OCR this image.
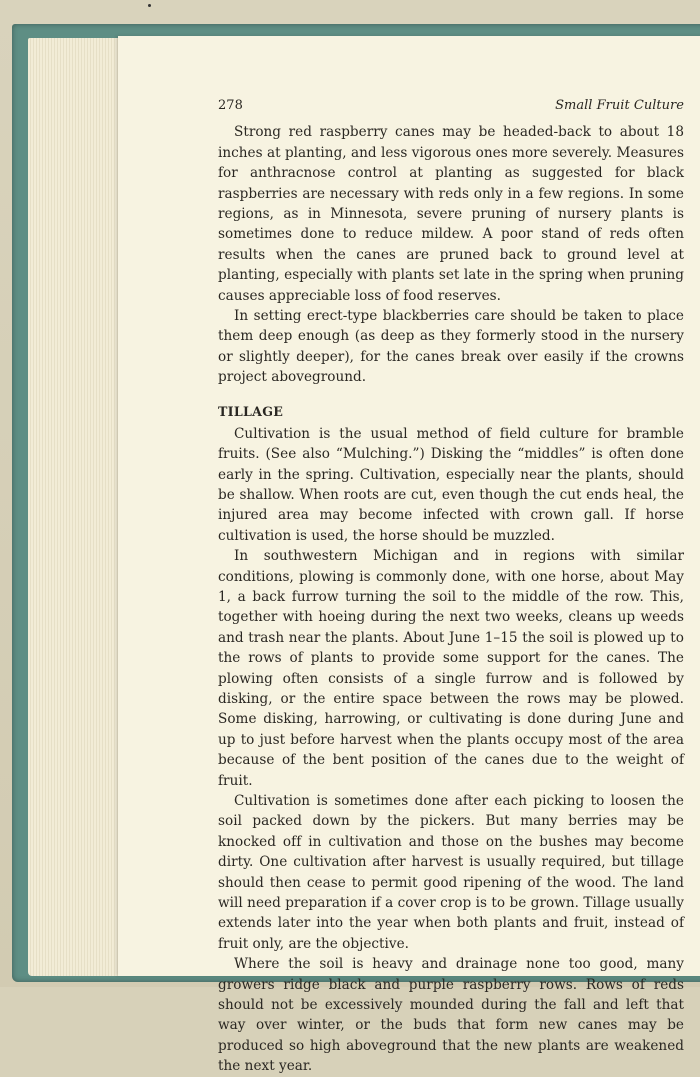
278	Small Fruit Culture

Strong red raspberry canes may be headed-back to about 18 inches at planting, and less vigorous ones more severely. Measures for anthracnose control at planting as suggested for black raspberries are necessary with reds only in a few regions. In some regions, as in Minnesota, severe pruning of nursery plants is sometimes done to reduce mildew. A poor stand of reds often results when the canes are pruned back to ground level at planting, especially with plants set late in the spring when pruning causes appreciable loss of food reserves.

In setting erect-type blackberries care should be taken to place them deep enough (as deep as they formerly stood in the nursery or slightly deeper), for the canes break over easily if the crowns project aboveground.

TILLAGE

Cultivation is the usual method of field culture for bramble fruits. (See also “Mulching.”) Disking the “middles” is often done early in the spring. Cultivation, especially near the plants, should be shallow. When roots are cut, even though the cut ends heal, the injured area may become infected with crown gall. If horse cultivation is used, the horse should be muzzled.

In southwestern Michigan and in regions with similar conditions, plowing is commonly done, with one horse, about May 1, a back furrow turning the soil to the middle of the row. This, together with hoeing during the next two weeks, cleans up weeds and trash near the plants. About June 1–15 the soil is plowed up to the rows of plants to provide some support for the canes. The plowing often consists of a single furrow and is followed by disking, or the entire space between the rows may be plowed. Some disking, harrowing, or cultivating is done during June and up to just before harvest when the plants occupy most of the area because of the bent position of the canes due to the weight of fruit.

Cultivation is sometimes done after each picking to loosen the soil packed down by the pickers. But many berries may be knocked off in cultivation and those on the bushes may become dirty. One cultivation after harvest is usually required, but tillage should then cease to permit good ripening of the wood. The land will need preparation if a cover crop is to be grown. Tillage usually extends later into the year when both plants and fruit, instead of fruit only, are the objective.

Where the soil is heavy and drainage none too good, many growers ridge black and purple raspberry rows. Rows of reds should not be excessively mounded during the fall and left that way over winter, or the buds that form new canes may be produced so high aboveground that the new plants are weakened the next year.
